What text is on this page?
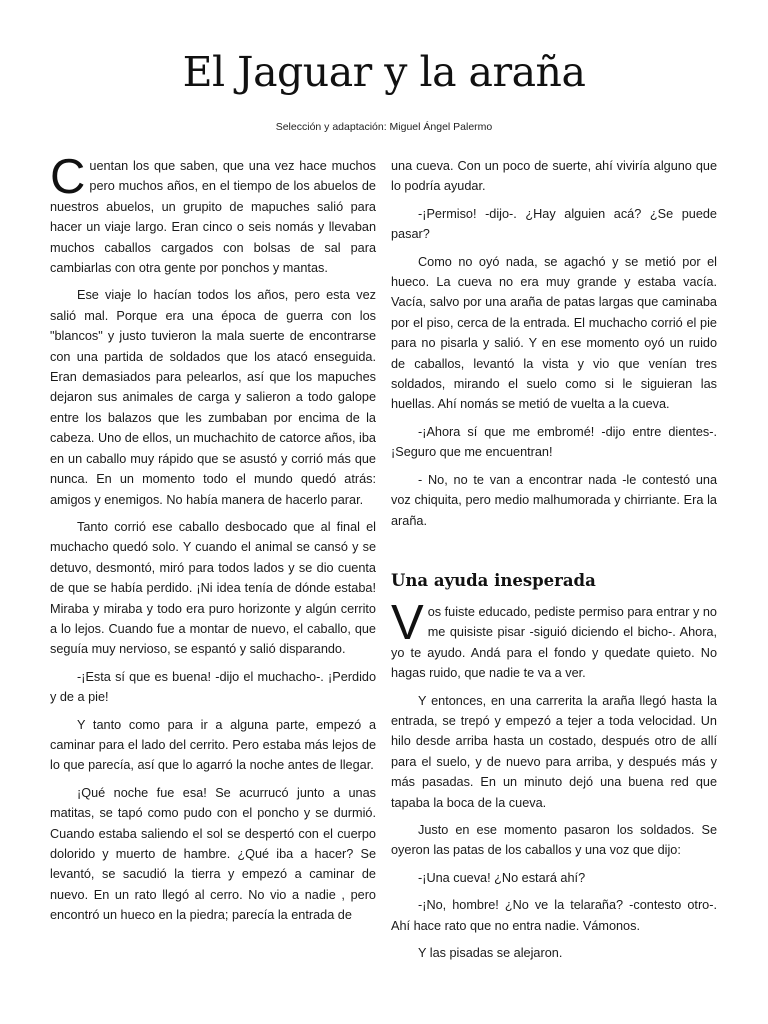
El Jaguar y la araña
Selección y adaptación: Miguel Ángel Palermo

Cuentan los que saben, que una vez hace muchos pero muchos años, en el tiempo de los abuelos de nuestros abuelos, un grupito de mapuches salió para hacer un viaje largo. Eran cinco o seis nomás y llevaban muchos caballos cargados con bolsas de sal para cambiarlas con otra gente por ponchos y mantas.

Ese viaje lo hacían todos los años, pero esta vez salió mal. Porque era una época de guerra con los "blancos" y justo tuvieron la mala suerte de encontrarse con una partida de soldados que los atacó enseguida. Eran demasiados para pelearlos, así que los mapuches dejaron sus animales de carga y salieron a todo galope entre los balazos que les zumbaban por encima de la cabeza. Uno de ellos, un muchachito de catorce años, iba en un caballo muy rápido que se asustó y corrió más que nunca. En un momento todo el mundo quedó atrás: amigos y enemigos. No había manera de hacerlo parar.

Tanto corrió ese caballo desbocado que al final el muchacho quedó solo. Y cuando el animal se cansó y se detuvo, desmontó, miró para todos lados y se dio cuenta de que se había perdido. ¡Ni idea tenía de dónde estaba! Miraba y miraba y todo era puro horizonte y algún cerrito a lo lejos. Cuando fue a montar de nuevo, el caballo, que seguía muy nervioso, se espantó y salió disparando.

-¡Esta sí que es buena! -dijo el muchacho-. ¡Perdido y de a pie!

Y tanto como para ir a alguna parte, empezó a caminar para el lado del cerrito. Pero estaba más lejos de lo que parecía, así que lo agarró la noche antes de llegar.

¡Qué noche fue esa! Se acurrucó junto a unas matitas, se tapó como pudo con el poncho y se durmió. Cuando estaba saliendo el sol se despertó con el cuerpo dolorido y muerto de hambre. ¿Qué iba a hacer? Se levantó, se sacudió la tierra y empezó a caminar de nuevo. En un rato llegó al cerro. No vio a nadie , pero encontró un hueco en la piedra; parecía la entrada de

una cueva. Con un poco de suerte, ahí viviría alguno que lo podría ayudar.

-¡Permiso! -dijo-. ¿Hay alguien acá? ¿Se puede pasar?

Como no oyó nada, se agachó y se metió por el hueco. La cueva no era muy grande y estaba vacía. Vacía, salvo por una araña de patas largas que caminaba por el piso, cerca de la entrada. El muchacho corrió el pie para no pisarla y salió. Y en ese momento oyó un ruido de caballos, levantó la vista y vio que venían tres soldados, mirando el suelo como si le siguieran las huellas. Ahí nomás se metió de vuelta a la cueva.

-¡Ahora sí que me embromé! -dijo entre dientes-. ¡Seguro que me encuentran!

- No, no te van a encontrar nada -le contestó una voz chiquita, pero medio malhumorada y chirriante. Era la araña.

Una ayuda inesperada

Vos fuiste educado, pediste permiso para entrar y no me quisiste pisar -siguió diciendo el bicho-. Ahora, yo te ayudo. Andá para el fondo y quedate quieto. No hagas ruido, que nadie te va a ver.

Y entonces, en una carrerita la araña llegó hasta la entrada, se trepó y empezó a tejer a toda velocidad. Un hilo desde arriba hasta un costado, después otro de allí para el suelo, y de nuevo para arriba, y después más y más pasadas. En un minuto dejó una buena red que tapaba la boca de la cueva.

Justo en ese momento pasaron los soldados. Se oyeron las patas de los caballos y una voz que dijo:

-¡Una cueva! ¿No estará ahí?

-¡No, hombre! ¿No ve la telaraña? -contesto otro-. Ahí hace rato que no entra nadie. Vámonos.

Y las pisadas se alejaron.
